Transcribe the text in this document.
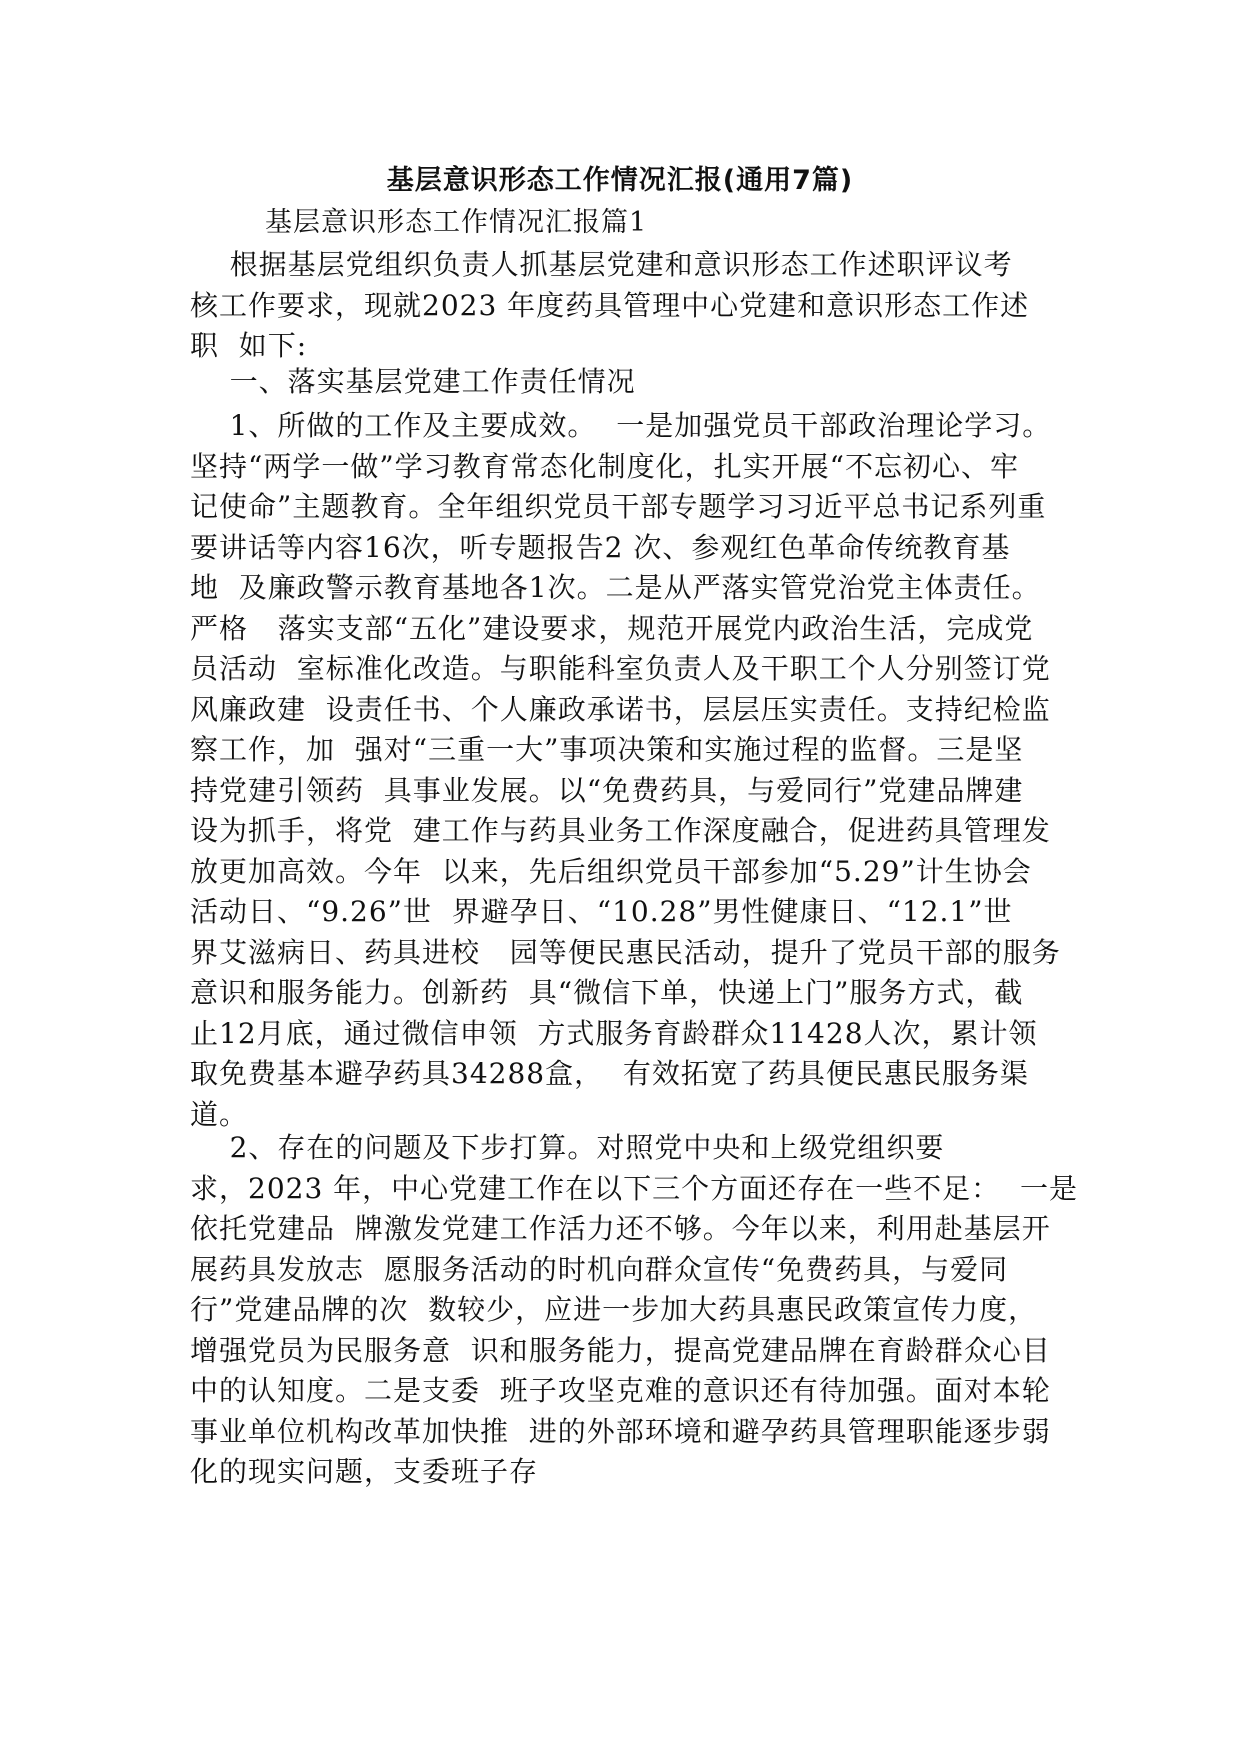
基层意识形态工作情况汇报(通用7篇)
基层意识形态工作情况汇报篇1
根据基层党组织负责人抓基层党建和意识形态工作述职评议考
核工作要求，现就2023 年度药具管理中心党建和意识形态工作述
职  如下:
一、落实基层党建工作责任情况
1、所做的工作及主要成效。  一是加强党员干部政治理论学习。
坚持“两学一做”学习教育常态化制度化，扎实开展“不忘初心、牢
记使命”主题教育。全年组织党员干部专题学习习近平总书记系列重
要讲话等内容16次，听专题报告2 次、参观红色革命传统教育基
地  及廉政警示教育基地各1次。二是从严落实管党治党主体责任。
严格   落实支部“五化”建设要求，规范开展党内政治生活，完成党
员活动  室标准化改造。与职能科室负责人及干职工个人分别签订党
风廉政建  设责任书、个人廉政承诺书，层层压实责任。支持纪检监
察工作，加  强对“三重一大”事项决策和实施过程的监督。三是坚
持党建引领药  具事业发展。以“免费药具，与爱同行”党建品牌建
设为抓手，将党  建工作与药具业务工作深度融合，促进药具管理发
放更加高效。今年  以来，先后组织党员干部参加“5.29”计生协会
活动日、“9.26”世  界避孕日、“10.28”男性健康日、“12.1”世
界艾滋病日、药具进校   园等便民惠民活动，提升了党员干部的服务
意识和服务能力。创新药  具“微信下单，快递上门”服务方式，截
止12月底，通过微信申领  方式服务育龄群众11428人次，累计领
取免费基本避孕药具34288盒，  有效拓宽了药具便民惠民服务渠
道。
2、存在的问题及下步打算。对照党中央和上级党组织要
求，2023 年，中心党建工作在以下三个方面还存在一些不足：  一是
依托党建品  牌激发党建工作活力还不够。今年以来，利用赴基层开
展药具发放志  愿服务活动的时机向群众宣传“免费药具，与爱同
行”党建品牌的次  数较少，应进一步加大药具惠民政策宣传力度，
增强党员为民服务意  识和服务能力，提高党建品牌在育龄群众心目
中的认知度。二是支委  班子攻坚克难的意识还有待加强。面对本轮
事业单位机构改革加快推  进的外部环境和避孕药具管理职能逐步弱
化的现实问题，支委班子存
